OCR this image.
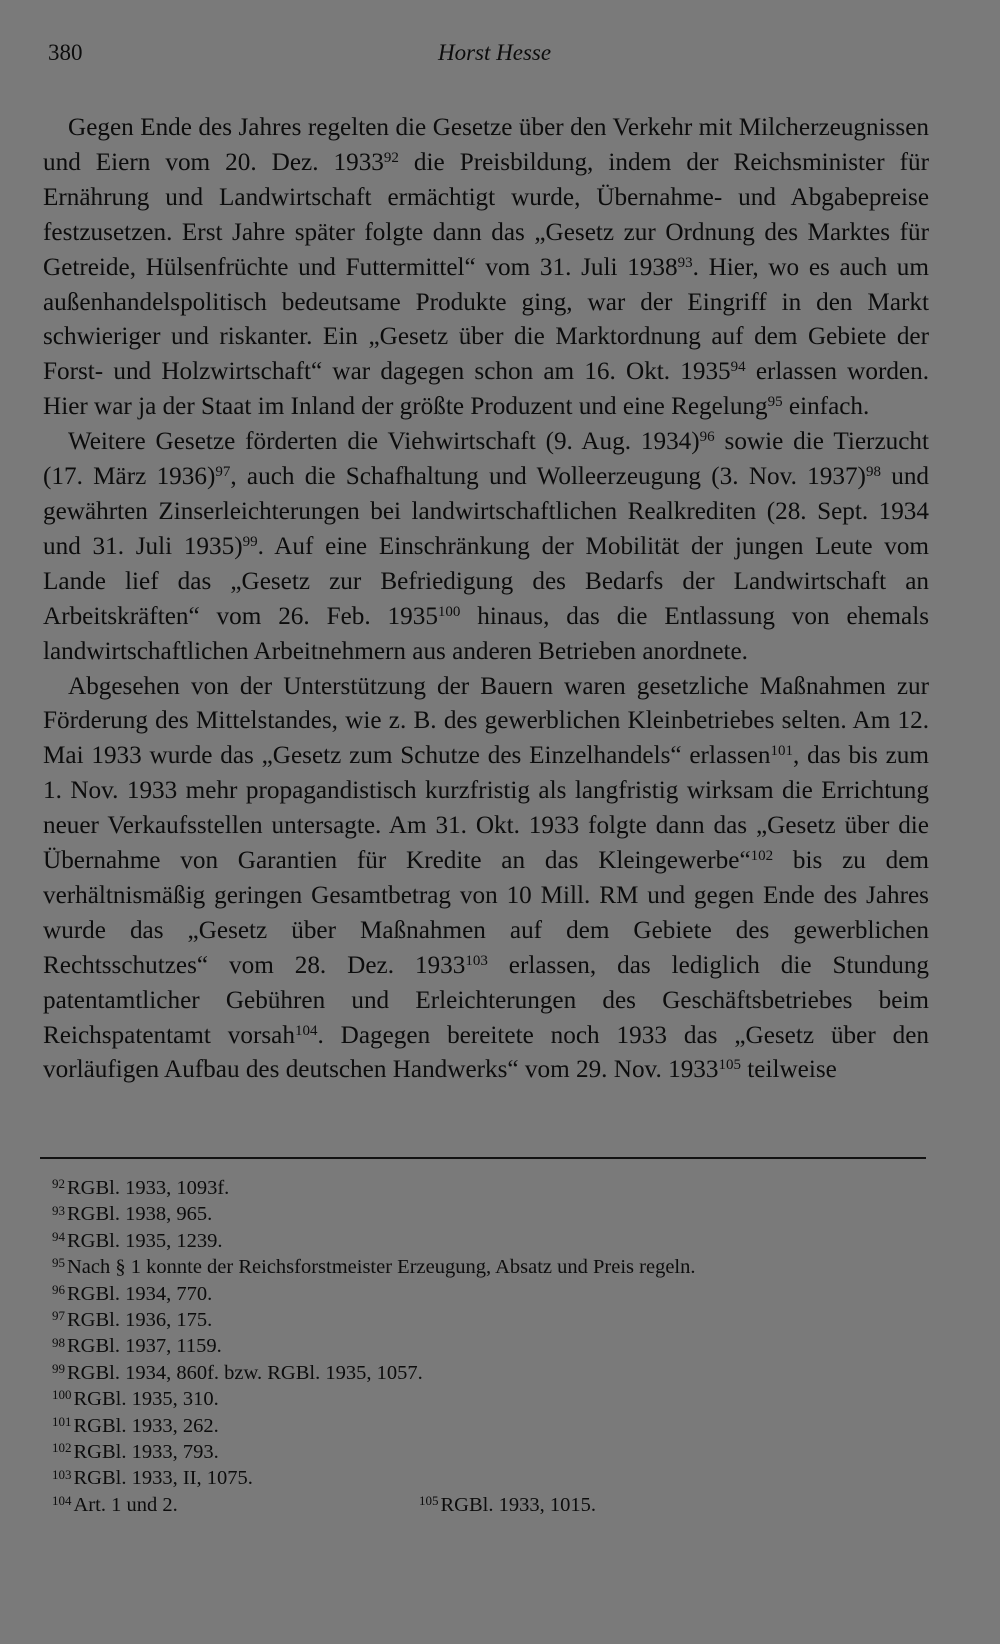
380	Horst Hesse

Gegen Ende des Jahres regelten die Gesetze über den Verkehr mit Milcherzeugnissen und Eiern vom 20. Dez. 1933$^{92}$ die Preisbildung, indem der Reichsminister für Ernährung und Landwirtschaft ermächtigt wurde, Übernahme- und Abgabepreise festzusetzen. Erst Jahre später folgte dann das „Gesetz zur Ordnung des Marktes für Getreide, Hülsenfrüchte und Futtermittel“ vom 31. Juli 1938$^{93}$. Hier, wo es auch um außenhandelspolitisch bedeutsame Produkte ging, war der Eingriff in den Markt schwieriger und riskanter. Ein „Gesetz über die Marktordnung auf dem Gebiete der Forst- und Holzwirtschaft“ war dagegen schon am 16. Okt. 1935$^{94}$ erlassen worden. Hier war ja der Staat im Inland der größte Produzent und eine Regelung$^{95}$ einfach.

Weitere Gesetze förderten die Viehwirtschaft (9. Aug. 1934)$^{96}$ sowie die Tierzucht (17. März 1936)$^{97}$, auch die Schafhaltung und Wolleerzeugung (3. Nov. 1937)$^{98}$ und gewährten Zinserleichterungen bei landwirtschaftlichen Realkrediten (28. Sept. 1934 und 31. Juli 1935)$^{99}$. Auf eine Einschränkung der Mobilität der jungen Leute vom Lande lief das „Gesetz zur Befriedigung des Bedarfs der Landwirtschaft an Arbeitskräften“ vom 26. Feb. 1935$^{100}$ hinaus, das die Entlassung von ehemals landwirtschaftlichen Arbeitnehmern aus anderen Betrieben anordnete.

Abgesehen von der Unterstützung der Bauern waren gesetzliche Maßnahmen zur Förderung des Mittelstandes, wie z. B. des gewerblichen Kleinbetriebes selten. Am 12. Mai 1933 wurde das „Gesetz zum Schutze des Einzelhandels“ erlassen$^{101}$, das bis zum 1. Nov. 1933 mehr propagandistisch kurzfristig als langfristig wirksam die Errichtung neuer Verkaufsstellen untersagte. Am 31. Okt. 1933 folgte dann das „Gesetz über die Übernahme von Garantien für Kredite an das Kleingewerbe“$^{102}$ bis zu dem verhältnismäßig geringen Gesamtbetrag von 10 Mill. RM und gegen Ende des Jahres wurde das „Gesetz über Maßnahmen auf dem Gebiete des gewerblichen Rechtsschutzes“ vom 28. Dez. 1933$^{103}$ erlassen, das lediglich die Stundung patentamtlicher Gebühren und Erleichterungen des Geschäftsbetriebes beim Reichspatentamt vorsah$^{104}$. Dagegen bereitete noch 1933 das „Gesetz über den vorläufigen Aufbau des deutschen Handwerks“ vom 29. Nov. 1933$^{105}$ teilweise

$^{92}$RGBl. 1933, 1093f.
$^{93}$RGBl. 1938, 965.
$^{94}$RGBl. 1935, 1239.
$^{95}$Nach § 1 konnte der Reichsforstmeister Erzeugung, Absatz und Preis regeln.
$^{96}$RGBl. 1934, 770.
$^{97}$RGBl. 1936, 175.
$^{98}$RGBl. 1937, 1159.
$^{99}$RGBl. 1934, 860f. bzw. RGBl. 1935, 1057.
$^{100}$RGBl. 1935, 310.
$^{101}$RGBl. 1933, 262.
$^{102}$RGBl. 1933, 793.
$^{103}$RGBl. 1933, II, 1075.
$^{104}$Art. 1 und 2.	$^{105}$RGBl. 1933, 1015.
